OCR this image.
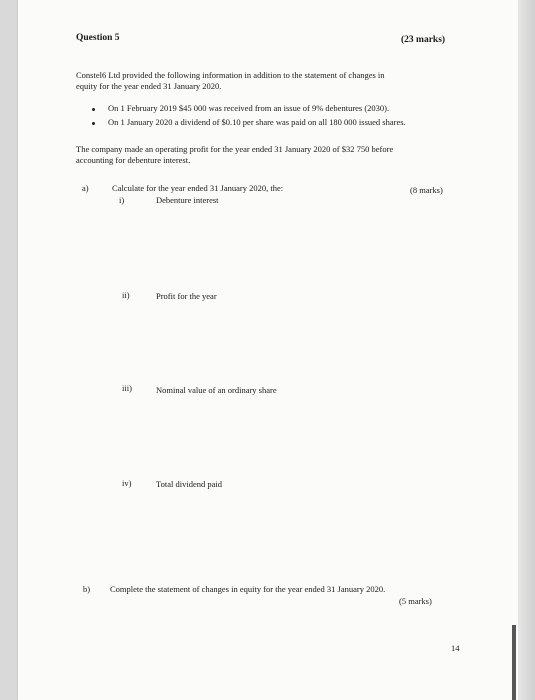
Question 5	(23 marks)
Constel6 Ltd provided the following information in addition to the statement of changes in
equity for the year ended 31 January 2020.
On 1 February 2019 $45 000 was received from an issue of 9% debentures (2030).
On 1 January 2020 a dividend of $0.10 per share was paid on all 180 000 issued shares.
The company made an operating profit for the year ended 31 January 2020 of $32 750 before
accounting for debenture interest.
a)	Calculate for the year ended 31 January 2020, the:	(8 marks)
i)	Debenture interest
ii)	Profit for the year
iii)	Nominal value of an ordinary share
iv)	Total dividend paid
b) Complete the statement of changes in equity for the year ended 31 January 2020.
(5 marks)
14
